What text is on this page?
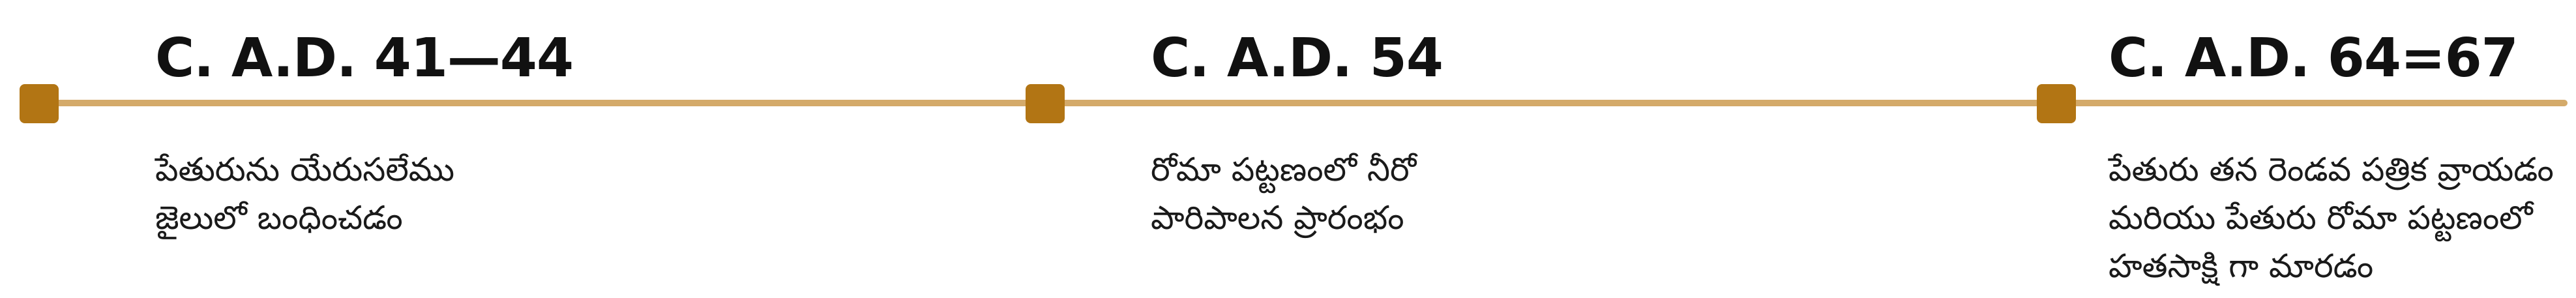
C. A.D. 41—44
పేతురును యేరుసలేము
జైలులో బంధించడం
C. A.D. 54
రోమా పట్టణంలో నీరో
పారిపాలన ప్రారంభం
C. A.D. 64=67
పేతురు తన రెండవ పత్రిక వ్రాయడం
మరియు పేతురు రోమా పట్టణంలో
హతసాక్షి గా మారడం
